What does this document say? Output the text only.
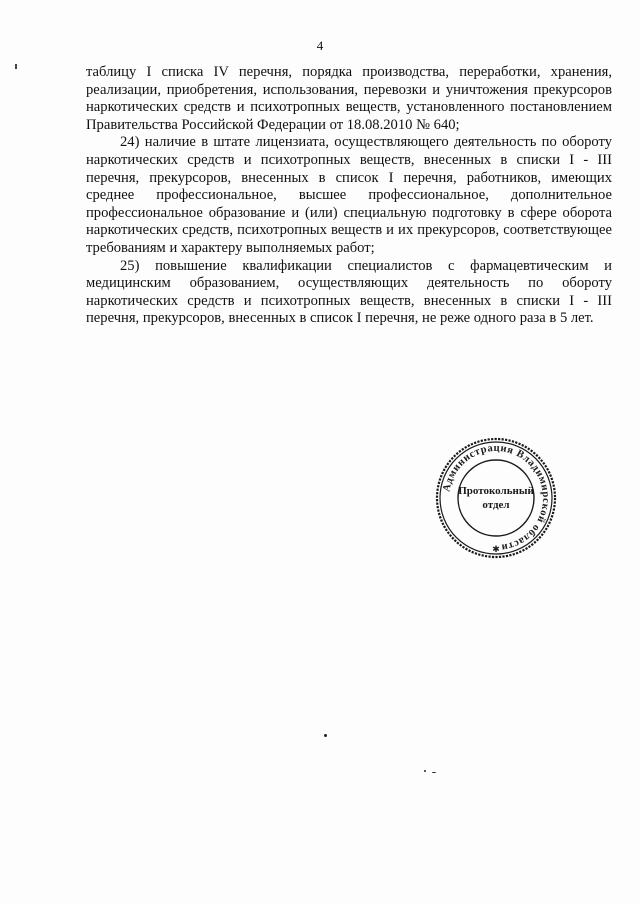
4

таблицу I списка IV перечня, порядка производства, переработки, хранения, реализации, приобретения, использования, перевозки и уничтожения прекурсоров наркотических средств и психотропных веществ, установленного постановлением Правительства Российской Федерации от 18.08.2010 № 640;

24) наличие в штате лицензиата, осуществляющего деятельность по обороту наркотических средств и психотропных веществ, внесенных в списки I - III перечня, прекурсоров, внесенных в список I перечня, работников, имеющих среднее профессиональное, высшее профессиональное, дополнительное профессиональное образование и (или) специальную подготовку в сфере оборота наркотических средств, психотропных веществ и их прекурсоров, соответствующее требованиям и характеру выполняемых работ;

25) повышение квалификации специалистов с фармацевтическим и медицинским образованием, осуществляющих деятельность по обороту наркотических средств и психотропных веществ, внесенных в списки I - III перечня, прекурсоров, внесенных в список I перечня, не реже одного раза в 5 лет.

Администрация Владимирской области
Протокольный
отдел
✱
